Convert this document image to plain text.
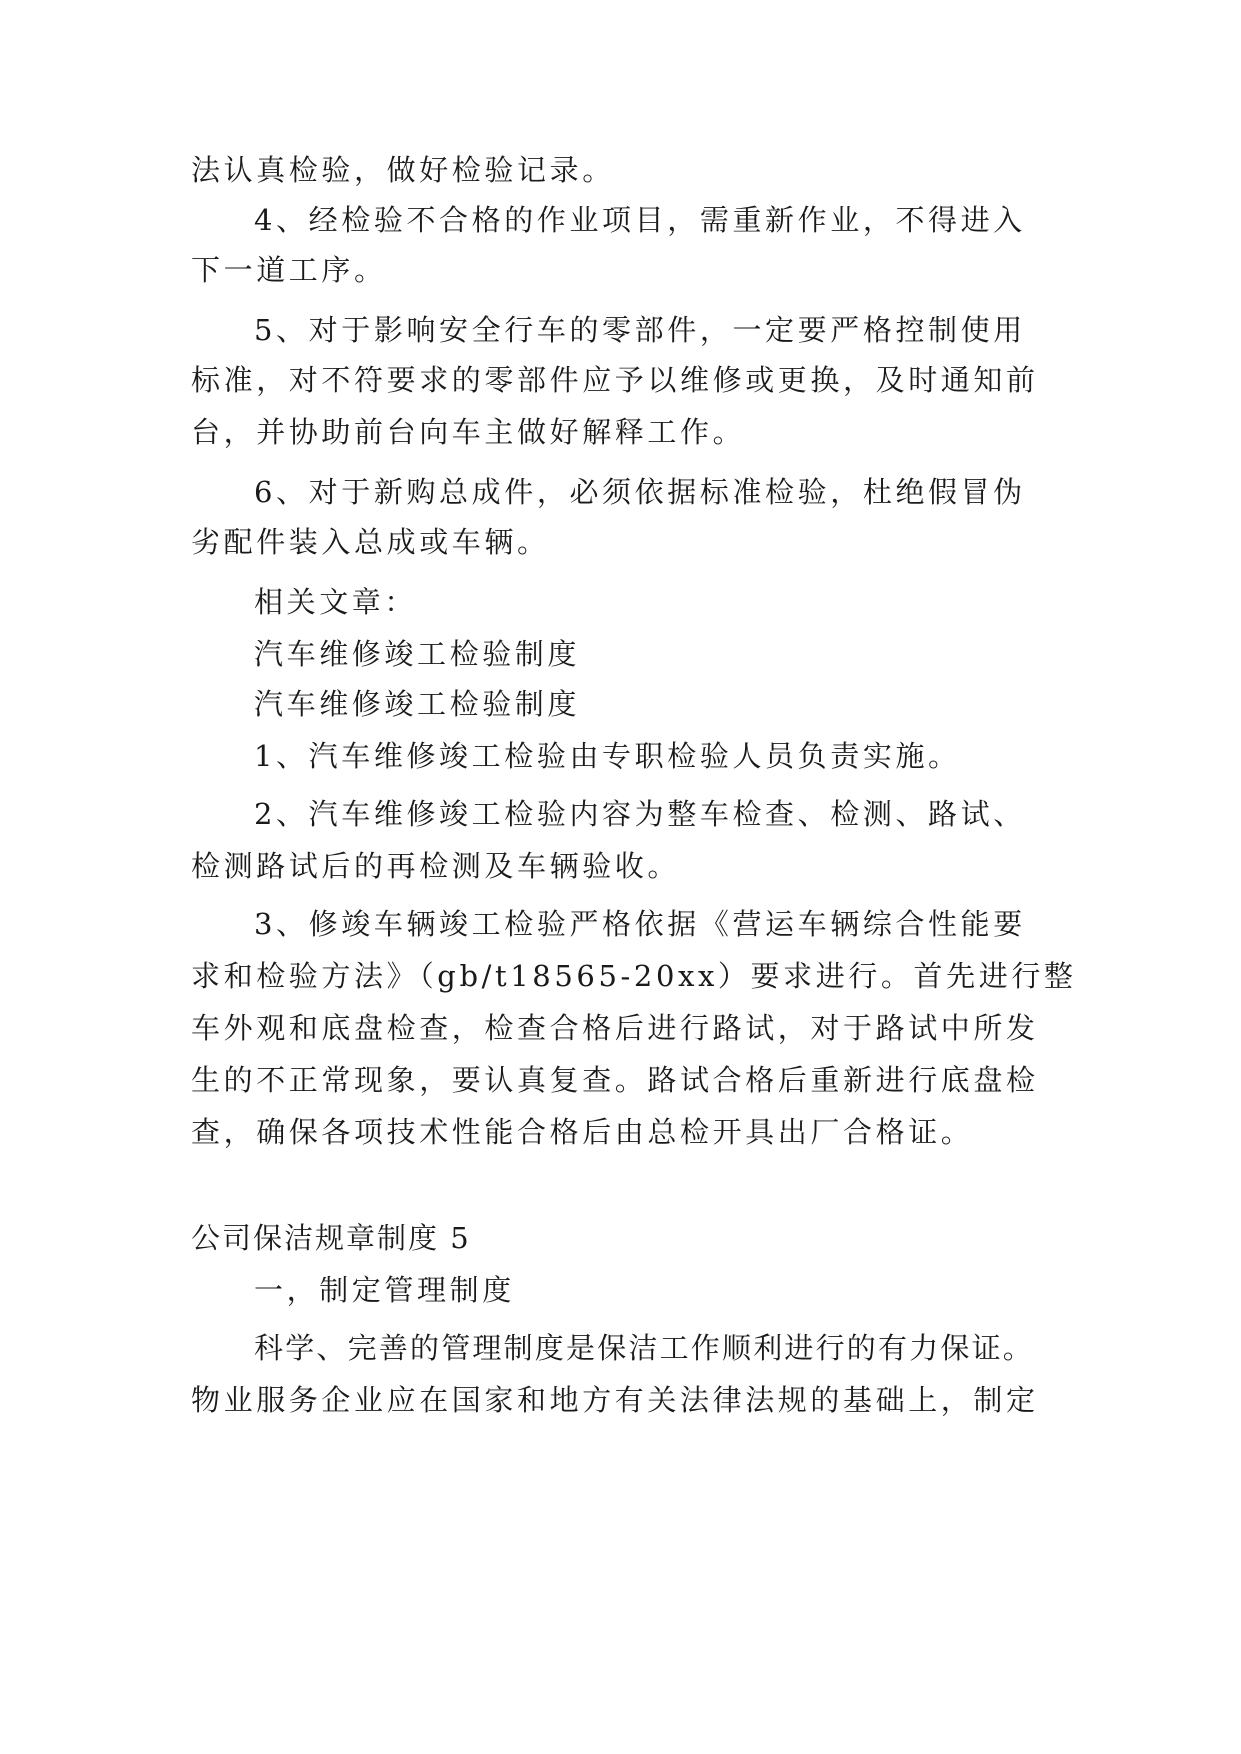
法认真检验，做好检验记录。
4、经检验不合格的作业项目，需重新作业，不得进入
下一道工序。
5、对于影响安全行车的零部件，一定要严格控制使用
标准，对不符要求的零部件应予以维修或更换，及时通知前
台，并协助前台向车主做好解释工作。
6、对于新购总成件，必须依据标准检验，杜绝假冒伪
劣配件装入总成或车辆。
相关文章：
汽车维修竣工检验制度
汽车维修竣工检验制度
1、汽车维修竣工检验由专职检验人员负责实施。
2、汽车维修竣工检验内容为整车检查、检测、路试、
检测路试后的再检测及车辆验收。
3、修竣车辆竣工检验严格依据《营运车辆综合性能要
求和检验方法》（gb/t18565-20xx）要求进行。首先进行整
车外观和底盘检查，检查合格后进行路试，对于路试中所发
生的不正常现象，要认真复查。路试合格后重新进行底盘检
查，确保各项技术性能合格后由总检开具出厂合格证。
公司保洁规章制度 5
一，制定管理制度
科学、完善的管理制度是保洁工作顺利进行的有力保证。
物业服务企业应在国家和地方有关法律法规的基础上，制定
